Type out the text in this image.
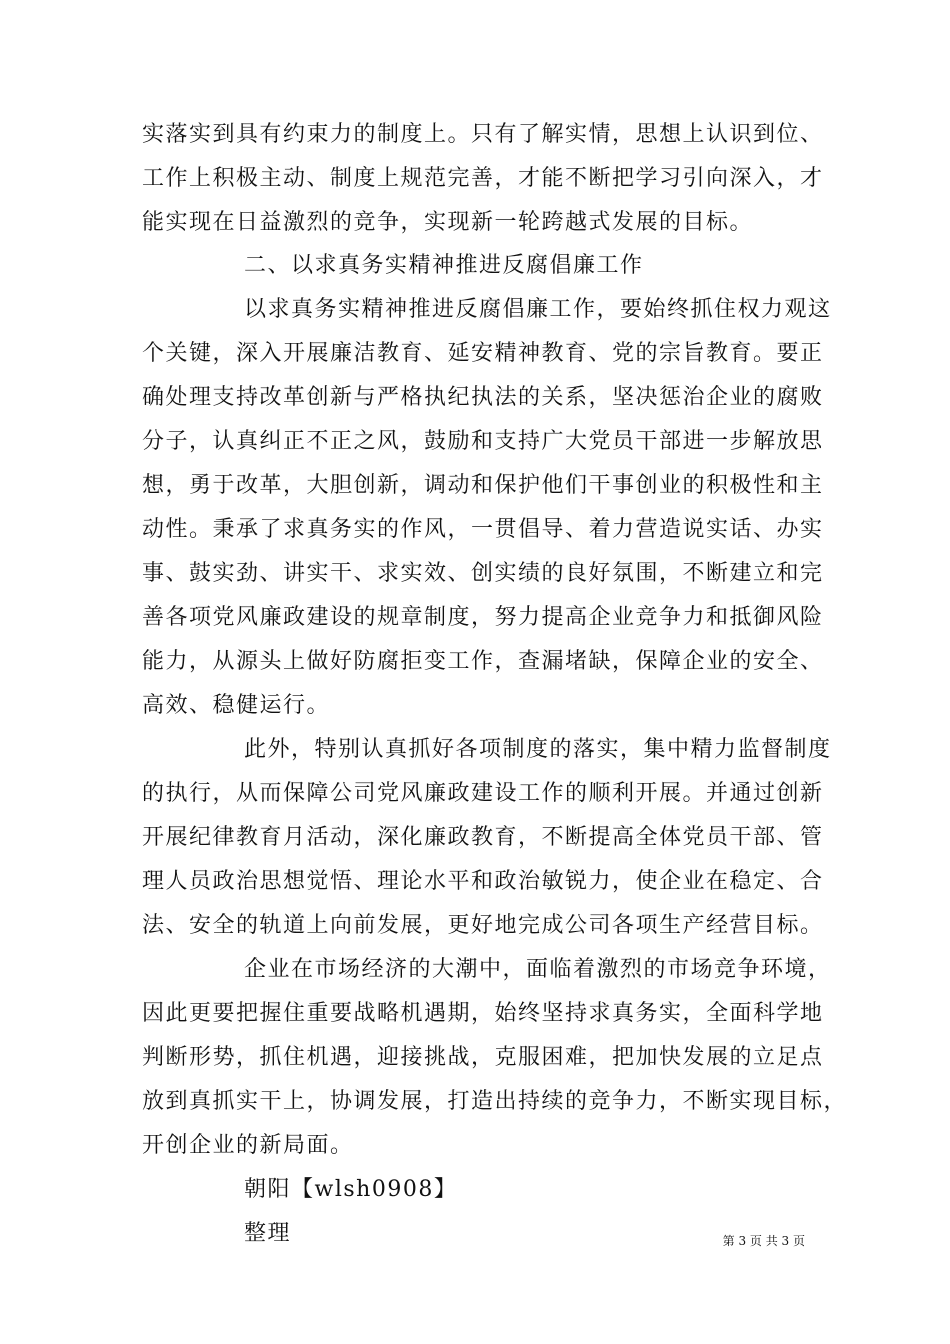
实落实到具有约束力的制度上。只有了解实情，思想上认识到位、
工作上积极主动、制度上规范完善，才能不断把学习引向深入，才
能实现在日益激烈的竞争，实现新一轮跨越式发展的目标。
二、以求真务实精神推进反腐倡廉工作
以求真务实精神推进反腐倡廉工作，要始终抓住权力观这
个关键，深入开展廉洁教育、延安精神教育、党的宗旨教育。要正
确处理支持改革创新与严格执纪执法的关系，坚决惩治企业的腐败
分子，认真纠正不正之风，鼓励和支持广大党员干部进一步解放思
想，勇于改革，大胆创新，调动和保护他们干事创业的积极性和主
动性。秉承了求真务实的作风，一贯倡导、着力营造说实话、办实
事、鼓实劲、讲实干、求实效、创实绩的良好氛围，不断建立和完
善各项党风廉政建设的规章制度，努力提高企业竞争力和抵御风险
能力，从源头上做好防腐拒变工作，查漏堵缺，保障企业的安全、
高效、稳健运行。
此外，特别认真抓好各项制度的落实，集中精力监督制度
的执行，从而保障公司党风廉政建设工作的顺利开展。并通过创新
开展纪律教育月活动，深化廉政教育，不断提高全体党员干部、管
理人员政治思想觉悟、理论水平和政治敏锐力，使企业在稳定、合
法、安全的轨道上向前发展，更好地完成公司各项生产经营目标。
企业在市场经济的大潮中，面临着激烈的市场竞争环境，
因此更要把握住重要战略机遇期，始终坚持求真务实，全面科学地
判断形势，抓住机遇，迎接挑战，克服困难，把加快发展的立足点
放到真抓实干上，协调发展，打造出持续的竞争力，不断实现目标，
开创企业的新局面。
朝阳【wlsh0908】
整理	第 3 页 共 3 页
